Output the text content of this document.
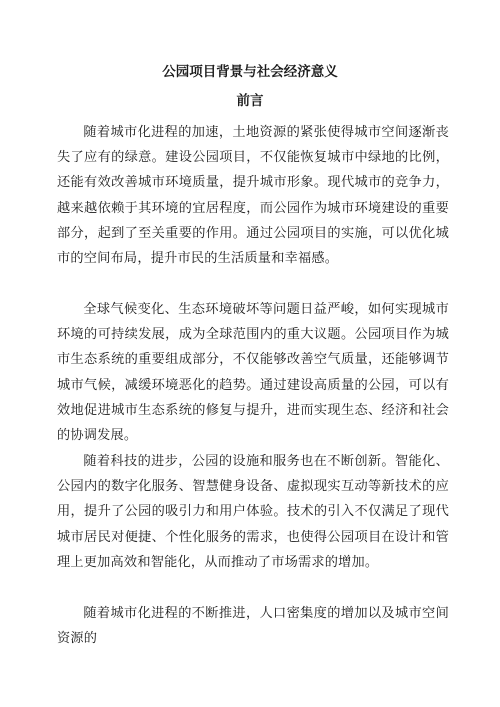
公园项目背景与社会经济意义
前言

随着城市化进程的加速，土地资源的紧张使得城市空间逐渐丧失了应有的绿意。建设公园项目，不仅能恢复城市中绿地的比例，还能有效改善城市环境质量，提升城市形象。现代城市的竞争力，越来越依赖于其环境的宜居程度，而公园作为城市环境建设的重要部分，起到了至关重要的作用。通过公园项目的实施，可以优化城市的空间布局，提升市民的生活质量和幸福感。

全球气候变化、生态环境破坏等问题日益严峻，如何实现城市环境的可持续发展，成为全球范围内的重大议题。公园项目作为城市生态系统的重要组成部分，不仅能够改善空气质量，还能够调节城市气候，减缓环境恶化的趋势。通过建设高质量的公园，可以有效地促进城市生态系统的修复与提升，进而实现生态、经济和社会的协调发展。

随着科技的进步，公园的设施和服务也在不断创新。智能化、公园内的数字化服务、智慧健身设备、虚拟现实互动等新技术的应用，提升了公园的吸引力和用户体验。技术的引入不仅满足了现代城市居民对便捷、个性化服务的需求，也使得公园项目在设计和管理上更加高效和智能化，从而推动了市场需求的增加。

随着城市化进程的不断推进，人口密集度的增加以及城市空间资源的
